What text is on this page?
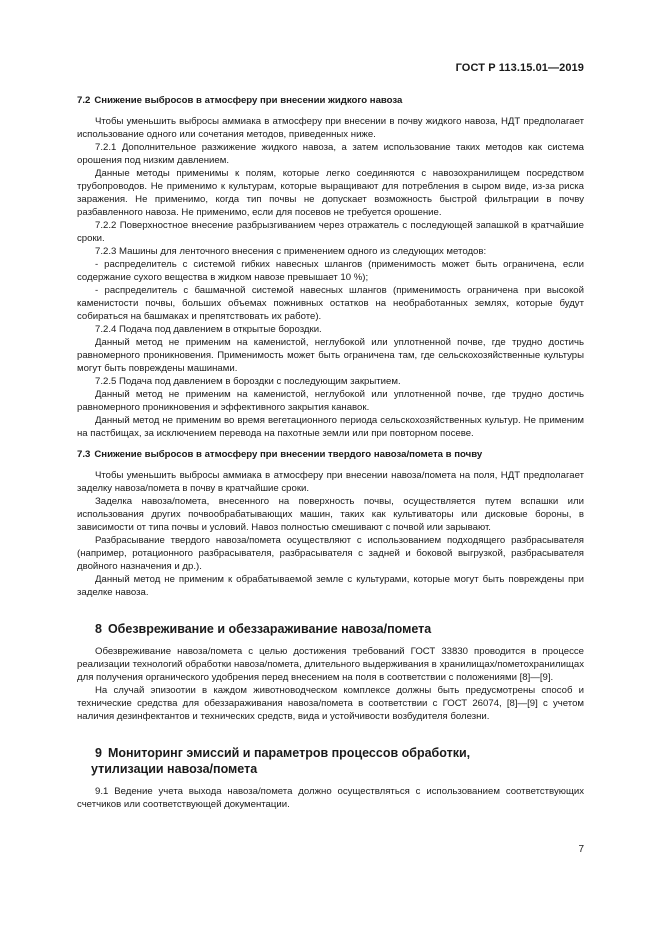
ГОСТ Р 113.15.01—2019

7.2 Снижение выбросов в атмосферу при внесении жидкого навоза

Чтобы уменьшить выбросы аммиака в атмосферу при внесении в почву жидкого навоза, НДТ предполагает использование одного или сочетания методов, приведенных ниже.

7.2.1 Дополнительное разжижение жидкого навоза, а затем использование таких методов как система орошения под низким давлением.

Данные методы применимы к полям, которые легко соединяются с навозохранилищем посредством трубопроводов. Не применимо к культурам, которые выращивают для потребления в сыром виде, из-за риска заражения. Не применимо, когда тип почвы не допускает возможность быстрой фильтрации в почву разбавленного навоза. Не применимо, если для посевов не требуется орошение.

7.2.2 Поверхностное внесение разбрызгиванием через отражатель с последующей запашкой в кратчайшие сроки.

7.2.3 Машины для ленточного внесения с применением одного из следующих методов:

- распределитель с системой гибких навесных шлангов (применимость может быть ограничена, если содержание сухого вещества в жидком навозе превышает 10 %);

- распределитель с башмачной системой навесных шлангов (применимость ограничена при высокой каменистости почвы, больших объемах пожнивных остатков на необработанных землях, которые будут собираться на башмаках и препятствовать их работе).

7.2.4 Подача под давлением в открытые бороздки.

Данный метод не применим на каменистой, неглубокой или уплотненной почве, где трудно достичь равномерного проникновения. Применимость может быть ограничена там, где сельскохозяйственные культуры могут быть повреждены машинами.

7.2.5 Подача под давлением в бороздки с последующим закрытием.

Данный метод не применим на каменистой, неглубокой или уплотненной почве, где трудно достичь равномерного проникновения и эффективного закрытия канавок.

Данный метод не применим во время вегетационного периода сельскохозяйственных культур. Не применим на пастбищах, за исключением перевода на пахотные земли или при повторном посеве.

7.3 Снижение выбросов в атмосферу при внесении твердого навоза/помета в почву

Чтобы уменьшить выбросы аммиака в атмосферу при внесении навоза/помета на поля, НДТ предполагает заделку навоза/помета в почву в кратчайшие сроки.

Заделка навоза/помета, внесенного на поверхность почвы, осуществляется путем вспашки или использования других почвообрабатывающих машин, таких как культиваторы или дисковые бороны, в зависимости от типа почвы и условий. Навоз полностью смешивают с почвой или зарывают.

Разбрасывание твердого навоза/помета осуществляют с использованием подходящего разбрасывателя (например, ротационного разбрасывателя, разбрасывателя с задней и боковой выгрузкой, разбрасывателя двойного назначения и др.).

Данный метод не применим к обрабатываемой земле с культурами, которые могут быть повреждены при заделке навоза.

8 Обезвреживание и обеззараживание навоза/помета

Обезвреживание навоза/помета с целью достижения требований ГОСТ 33830 проводится в процессе реализации технологий обработки навоза/помета, длительного выдерживания в хранилищах/пометохранилищах для получения органического удобрения перед внесением на поля в соответствии с положениями [8]—[9].

На случай эпизоотии в каждом животноводческом комплексе должны быть предусмотрены способ и технические средства для обеззараживания навоза/помета в соответствии с ГОСТ 26074, [8]—[9] с учетом наличия дезинфектантов и технических средств, вида и устойчивости возбудителя болезни.

9 Мониторинг эмиссий и параметров процессов обработки,
утилизации навоза/помета

9.1 Ведение учета выхода навоза/помета должно осуществляться с использованием соответствующих счетчиков или соответствующей документации.

7
